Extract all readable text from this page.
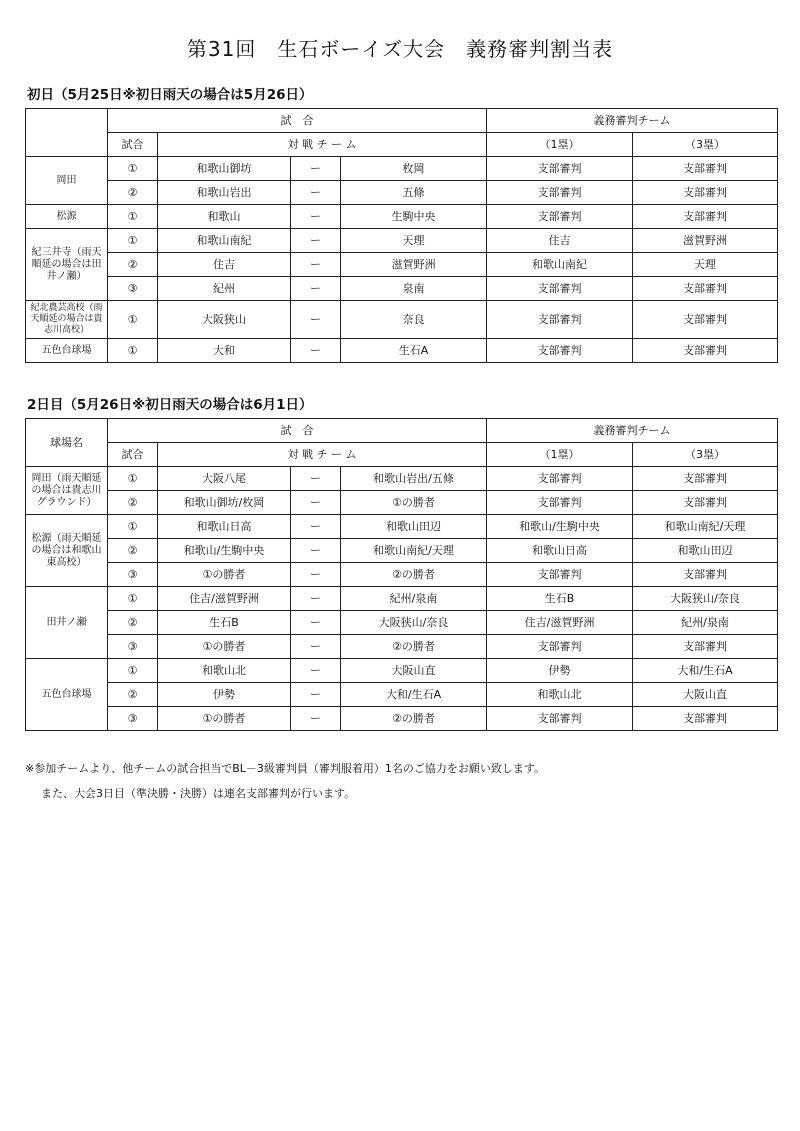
第31回　生石ボーイズ大会　義務審判割当表
初日（5月25日※初日雨天の場合は5月26日）
	試　合				義務審判チーム	
	試合	対 戦 チ ー ム			（1塁）	（3塁）
岡田	①	和歌山御坊	ー	枚岡	支部審判	支部審判
	②	和歌山岩出	ー	五條	支部審判	支部審判
松源	①	和歌山	ー	生駒中央	支部審判	支部審判
紀三井寺（雨天順延の場合は田井ノ瀬）	①	和歌山南紀	ー	天理	住吉	滋賀野洲
	②	住吉	ー	滋賀野洲	和歌山南紀	天理
	③	紀州	ー	泉南	支部審判	支部審判
紀北農芸高校（雨天順延の場合は貴志川高校）	①	大阪狭山	ー	奈良	支部審判	支部審判
五色台球場	①	大和	ー	生石A	支部審判	支部審判
2日目（5月26日※初日雨天の場合は6月1日）
球場名	試　合				義務審判チーム	
	試合	対 戦 チ ー ム			（1塁）	（3塁）
岡田（雨天順延の場合は貴志川グラウンド）	①	大阪八尾	ー	和歌山岩出/五條	支部審判	支部審判
	②	和歌山御坊/枚岡	ー	①の勝者	支部審判	支部審判
松源（雨天順延の場合は和歌山東高校）	①	和歌山日高	ー	和歌山田辺	和歌山/生駒中央	和歌山南紀/天理
	②	和歌山/生駒中央	ー	和歌山南紀/天理	和歌山日高	和歌山田辺
	③	①の勝者	ー	②の勝者	支部審判	支部審判
田井ノ瀬	①	住吉/滋賀野洲	ー	紀州/泉南	生石B	大阪狭山/奈良
	②	生石B	ー	大阪狭山/奈良	住吉/滋賀野洲	紀州/泉南
	③	①の勝者	ー	②の勝者	支部審判	支部審判
五色台球場	①	和歌山北	ー	大阪山直	伊勢	大和/生石A
	②	伊勢	ー	大和/生石A	和歌山北	大阪山直
	③	①の勝者	ー	②の勝者	支部審判	支部審判
※参加チームより、他チームの試合担当でBL－3級審判員（審判服着用）1名のご協力をお願い致します。
また、大会3日目（準決勝・決勝）は連名支部審判が行います。
